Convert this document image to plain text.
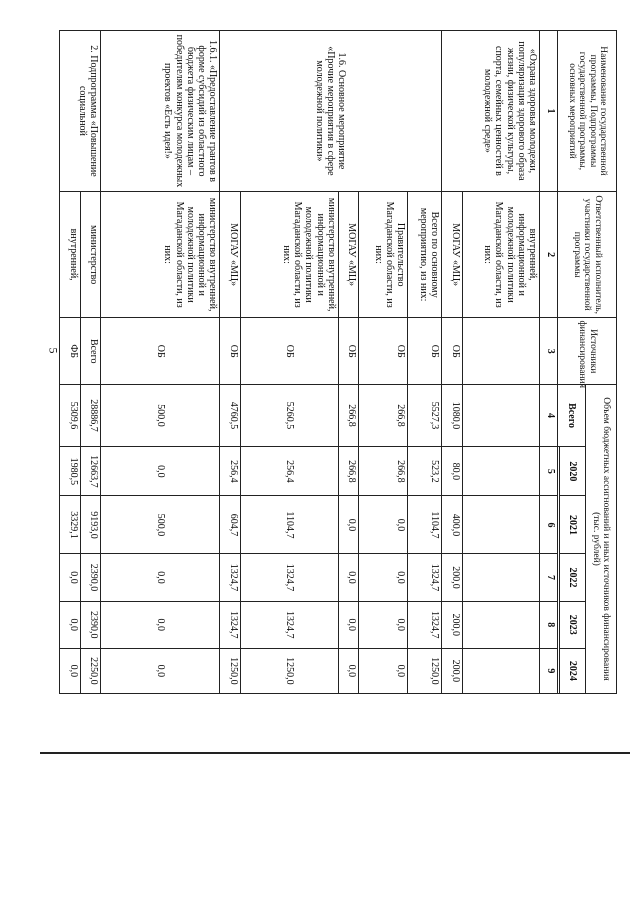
5
Наименование государственной программы, Подпрограммы государственной программы, основных мероприятий	Ответственный исполнитель, участники государственной программы	Источники финансирования	Объем бюджетных ассигнований и иных источников финансирования (тыс. рублей)					
			Всего	2020	2021	2022	2023	2024

1	2	3	4	5	6	7	8	9
«Охрана здоровья молодежи, популяризация здорового образа жизни, физической культуры, спорта, семейных ценностей в молодежной среде»	внутренней, информационной и молодежной политики Магаданской области, из них:							
	МОГАУ «МЦ»	ОБ	1080,0	80,0	400,0	200,0	200,0	200,0
1.6. Основное мероприятие «Прочие мероприятия в сфере молодежной политики»	Всего по основному мероприятию, из них:	ОБ	5527,3	523,2	1104,7	1324,7	1324,7	1250,0
	Правительство Магаданской области, из них:	ОБ	266,8	266,8	0,0	0,0	0,0	0,0
	МОГАУ «МЦ»	ОБ	266,8	266,8	0,0	0,0	0,0	0,0
	министерство внутренней, информационной и молодежной политики Магаданской области, из них:	ОБ	5260,5	256,4	1104,7	1324,7	1324,7	1250,0
	МОГАУ «МЦ»	ОБ	4760,5	256,4	604,7	1324,7	1324,7	1250,0
1.6.1. «Предоставление грантов в форме субсидий из областного бюджета физическим лицам – победителям конкурса молодежных проектов «Есть идея!»	министерство внутренней, информационной и молодежной политики Магаданской области, из них:	ОБ	500,0	0,0	500,0	0,0	0,0	0,0
2. Подпрограмма «Повышение социальной	министерство	Всего	28886,7	12663,7	9193,0	2390,0	2390,0	2250,0
	внутренней,	ФБ	5309,6	1980,5	3329,1	0,0	0,0	0,0
